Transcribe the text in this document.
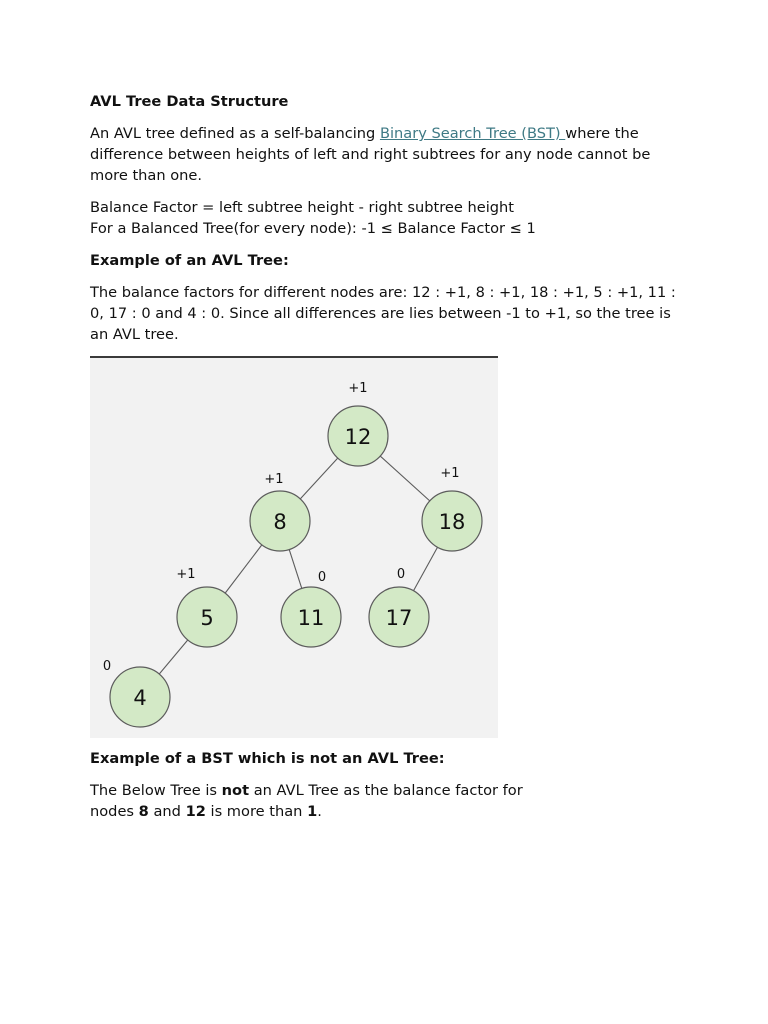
AVL Tree Data Structure

An AVL tree defined as a self-balancing Binary Search Tree (BST) where the difference between heights of left and right subtrees for any node cannot be more than one.

Balance Factor = left subtree height - right subtree height
For a Balanced Tree(for every node): -1 ≤ Balance Factor ≤ 1

Example of an AVL Tree:

The balance factors for different nodes are: 12 : +1, 8 : +1, 18 : +1, 5 : +1, 11 : 0, 17 : 0 and 4 : 0. Since all differences are lies between -1 to +1, so the tree is an AVL tree.

12
+1
8
+1
18
+1
5
+1
11
0
17
0
4
0
Example of a BST which is not an AVL Tree:

The Below Tree is not an AVL Tree as the balance factor for
nodes 8 and 12 is more than 1.
